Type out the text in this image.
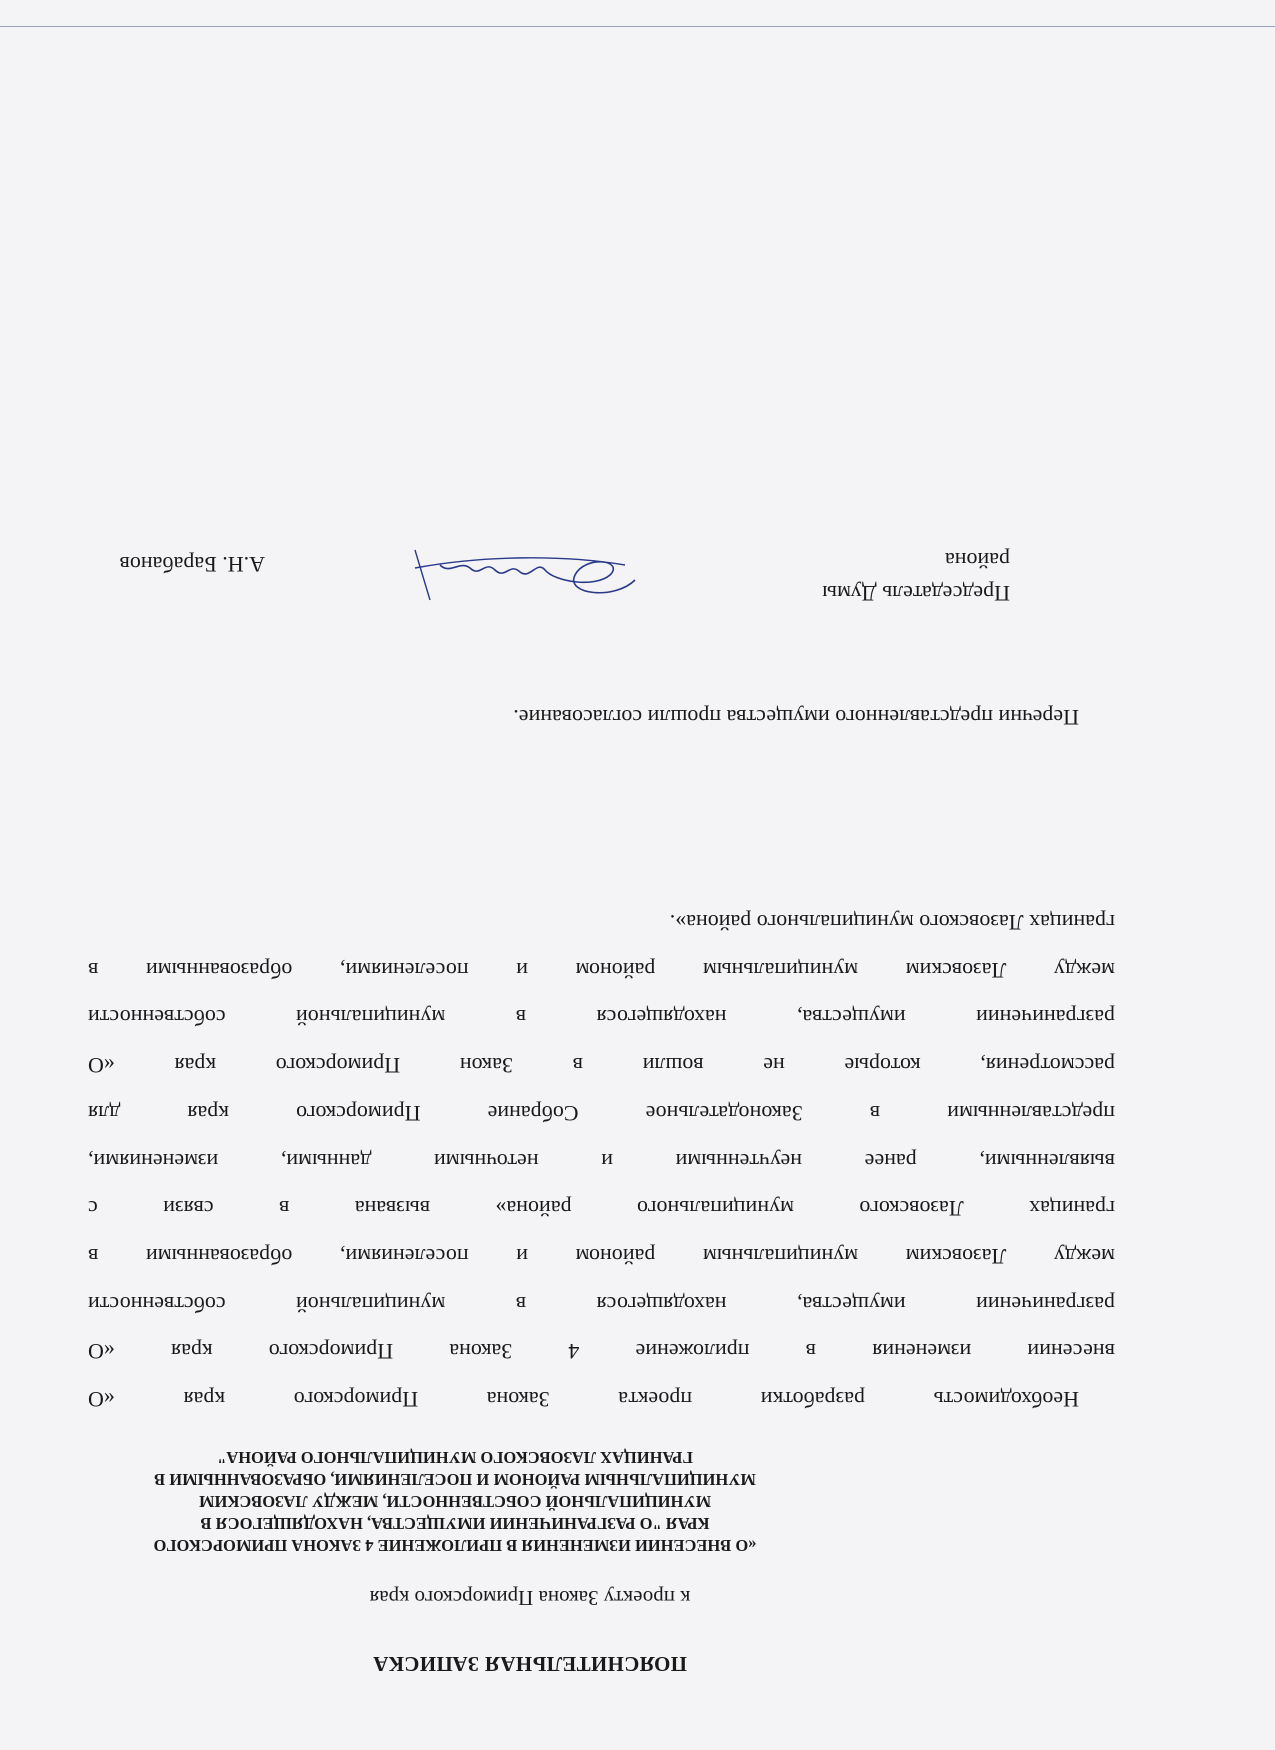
ПОЯСНИТЕЛЬНАЯ ЗАПИСКА
к проекту Закона Приморского края
«О ВНЕСЕНИИ ИЗМЕНЕНИЯ В ПРИЛОЖЕНИЕ 4 ЗАКОНА ПРИМОРСКОГО
КРАЯ "О РАЗГРАНИЧЕНИИ ИМУЩЕСТВА, НАХОДЯЩЕГОСЯ В
МУНИЦИПАЛЬНОЙ СОБСТВЕННОСТИ, МЕЖДУ ЛАЗОВСКИМ
МУНИЦИПАЛЬНЫМ РАЙОНОМ И ПОСЕЛЕНИЯМИ, ОБРАЗОВАННЫМИ В
ГРАНИЦАХ ЛАЗОВСКОГО МУНИЦИПАЛЬНОГО РАЙОНА"
Необходимость разработки проекта Закона Приморского края «О
внесении изменения в приложение 4 Закона Приморского края «О
разграничении имущества, находящегося в муниципальной собственности
между Лазовским муниципальным районом и поселениями, образованными в
границах Лазовского муниципального района» вызвана в связи с
выявленными, ранее неучтенными и неточными данными, изменениями,
представленными в Законодательное Собрание Приморского края для
рассмотрения, которые не вошли в Закон Приморского края «О
разграничении имущества, находящегося в муниципальной собственности
между Лазовским муниципальным районом и поселениями, образованными в
границах Лазовского муниципального района».
Перечни представленного имущества прошли согласование.
Председатель Думы
района
А.Н. Барабанов
